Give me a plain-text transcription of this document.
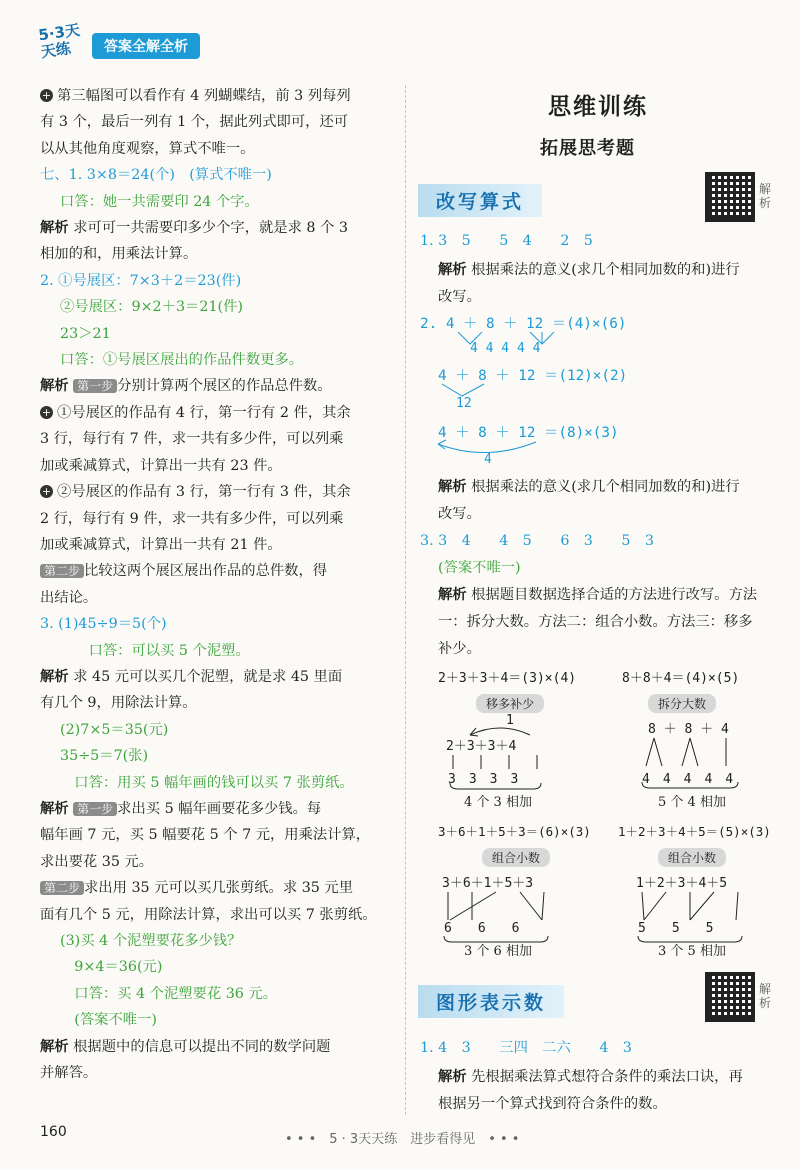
5·3天天练	答案全解全析
+ 第三幅图可以看作有 4 列蝴蝶结，前 3 列每列
有 3 个，最后一列有 1 个，据此列式即可，还可
以从其他角度观察，算式不唯一。
七、1. 3×8＝24(个)　(算式不唯一)
口答：她一共需要印 24 个字。
解析 求可可一共需要印多少个字，就是求 8 个 3
相加的和，用乘法计算。
2. ①号展区：7×3＋2＝23(件)
②号展区：9×2＋3＝21(件)
23＞21
口答：①号展区展出的作品件数更多。
解析 第一步 分别计算两个展区的作品总件数。
+ ①号展区的作品有 4 行，第一行有 2 件，其余
3 行，每行有 7 件，求一共有多少件，可以列乘
加或乘减算式，计算出一共有 23 件。
+ ②号展区的作品有 3 行，第一行有 3 件，其余
2 行，每行有 9 件，求一共有多少件，可以列乘
加或乘减算式，计算出一共有 21 件。
第二步 比较这两个展区展出作品的总件数，得
出结论。
3. (1)45÷9＝5(个)
　　口答：可以买 5 个泥塑。
解析 求 45 元可以买几个泥塑，就是求 45 里面
有几个 9，用除法计算。
(2)7×5＝35(元)
35÷5＝7(张)
　口答：用买 5 幅年画的钱可以买 7 张剪纸。
解析 第一步 求出买 5 幅年画要花多少钱。每
幅年画 7 元，买 5 幅要花 5 个 7 元，用乘法计算，
求出要花 35 元。
第二步 求出用 35 元可以买几张剪纸。求 35 元里
面有几个 5 元，用除法计算，求出可以买 7 张剪纸。
(3)买 4 个泥塑要花多少钱？
　9×4＝36(元)
　口答：买 4 个泥塑要花 36 元。
　(答案不唯一)
解析 根据题中的信息可以提出不同的数学问题
并解答。
思维训练
拓展思考题
改写算式
解析
1. 3　5　　5　4　　2　5
解析 根据乘法的意义(求几个相同加数的和)进行
改写。
2. 4 ＋ 8 ＋ 12 ＝(4)×(6)
4 4 4 4 4
4 ＋ 8 ＋ 12 ＝(12)×(2)
12
4 ＋ 8 ＋ 12 ＝(8)×(3)
4
解析 根据乘法的意义(求几个相同加数的和)进行
改写。
3. 3　4　　4　5　　6　3　　5　3
(答案不唯一)
解析 根据题目数据选择合适的方法进行改写。方法
一：拆分大数。方法二：组合小数。方法三：移多
补少。
2＋3＋3＋4＝(3)×(4)	8＋8＋4＝(4)×(5)
移多补少
1
2＋3＋3＋4
3　3　3　3
4 个 3 相加
拆分大数
8 ＋ 8 ＋ 4
4　4　4　4　4
5 个 4 相加
3＋6＋1＋5＋3＝(6)×(3) 1＋2＋3＋4＋5＝(5)×(3)
组合小数
3＋6＋1＋5＋3
6　　6　　6
3 个 6 相加
组合小数
1＋2＋3＋4＋5
5　　5　　5
3 个 5 相加
1. 4　3　　三四　二六　　4　3
解析 先根据乘法算式想符合条件的乘法口诀，再
根据另一个算式找到符合条件的数。
图形表示数
解析
160	• • •　5 · 3天天练　进步看得见　• • •
